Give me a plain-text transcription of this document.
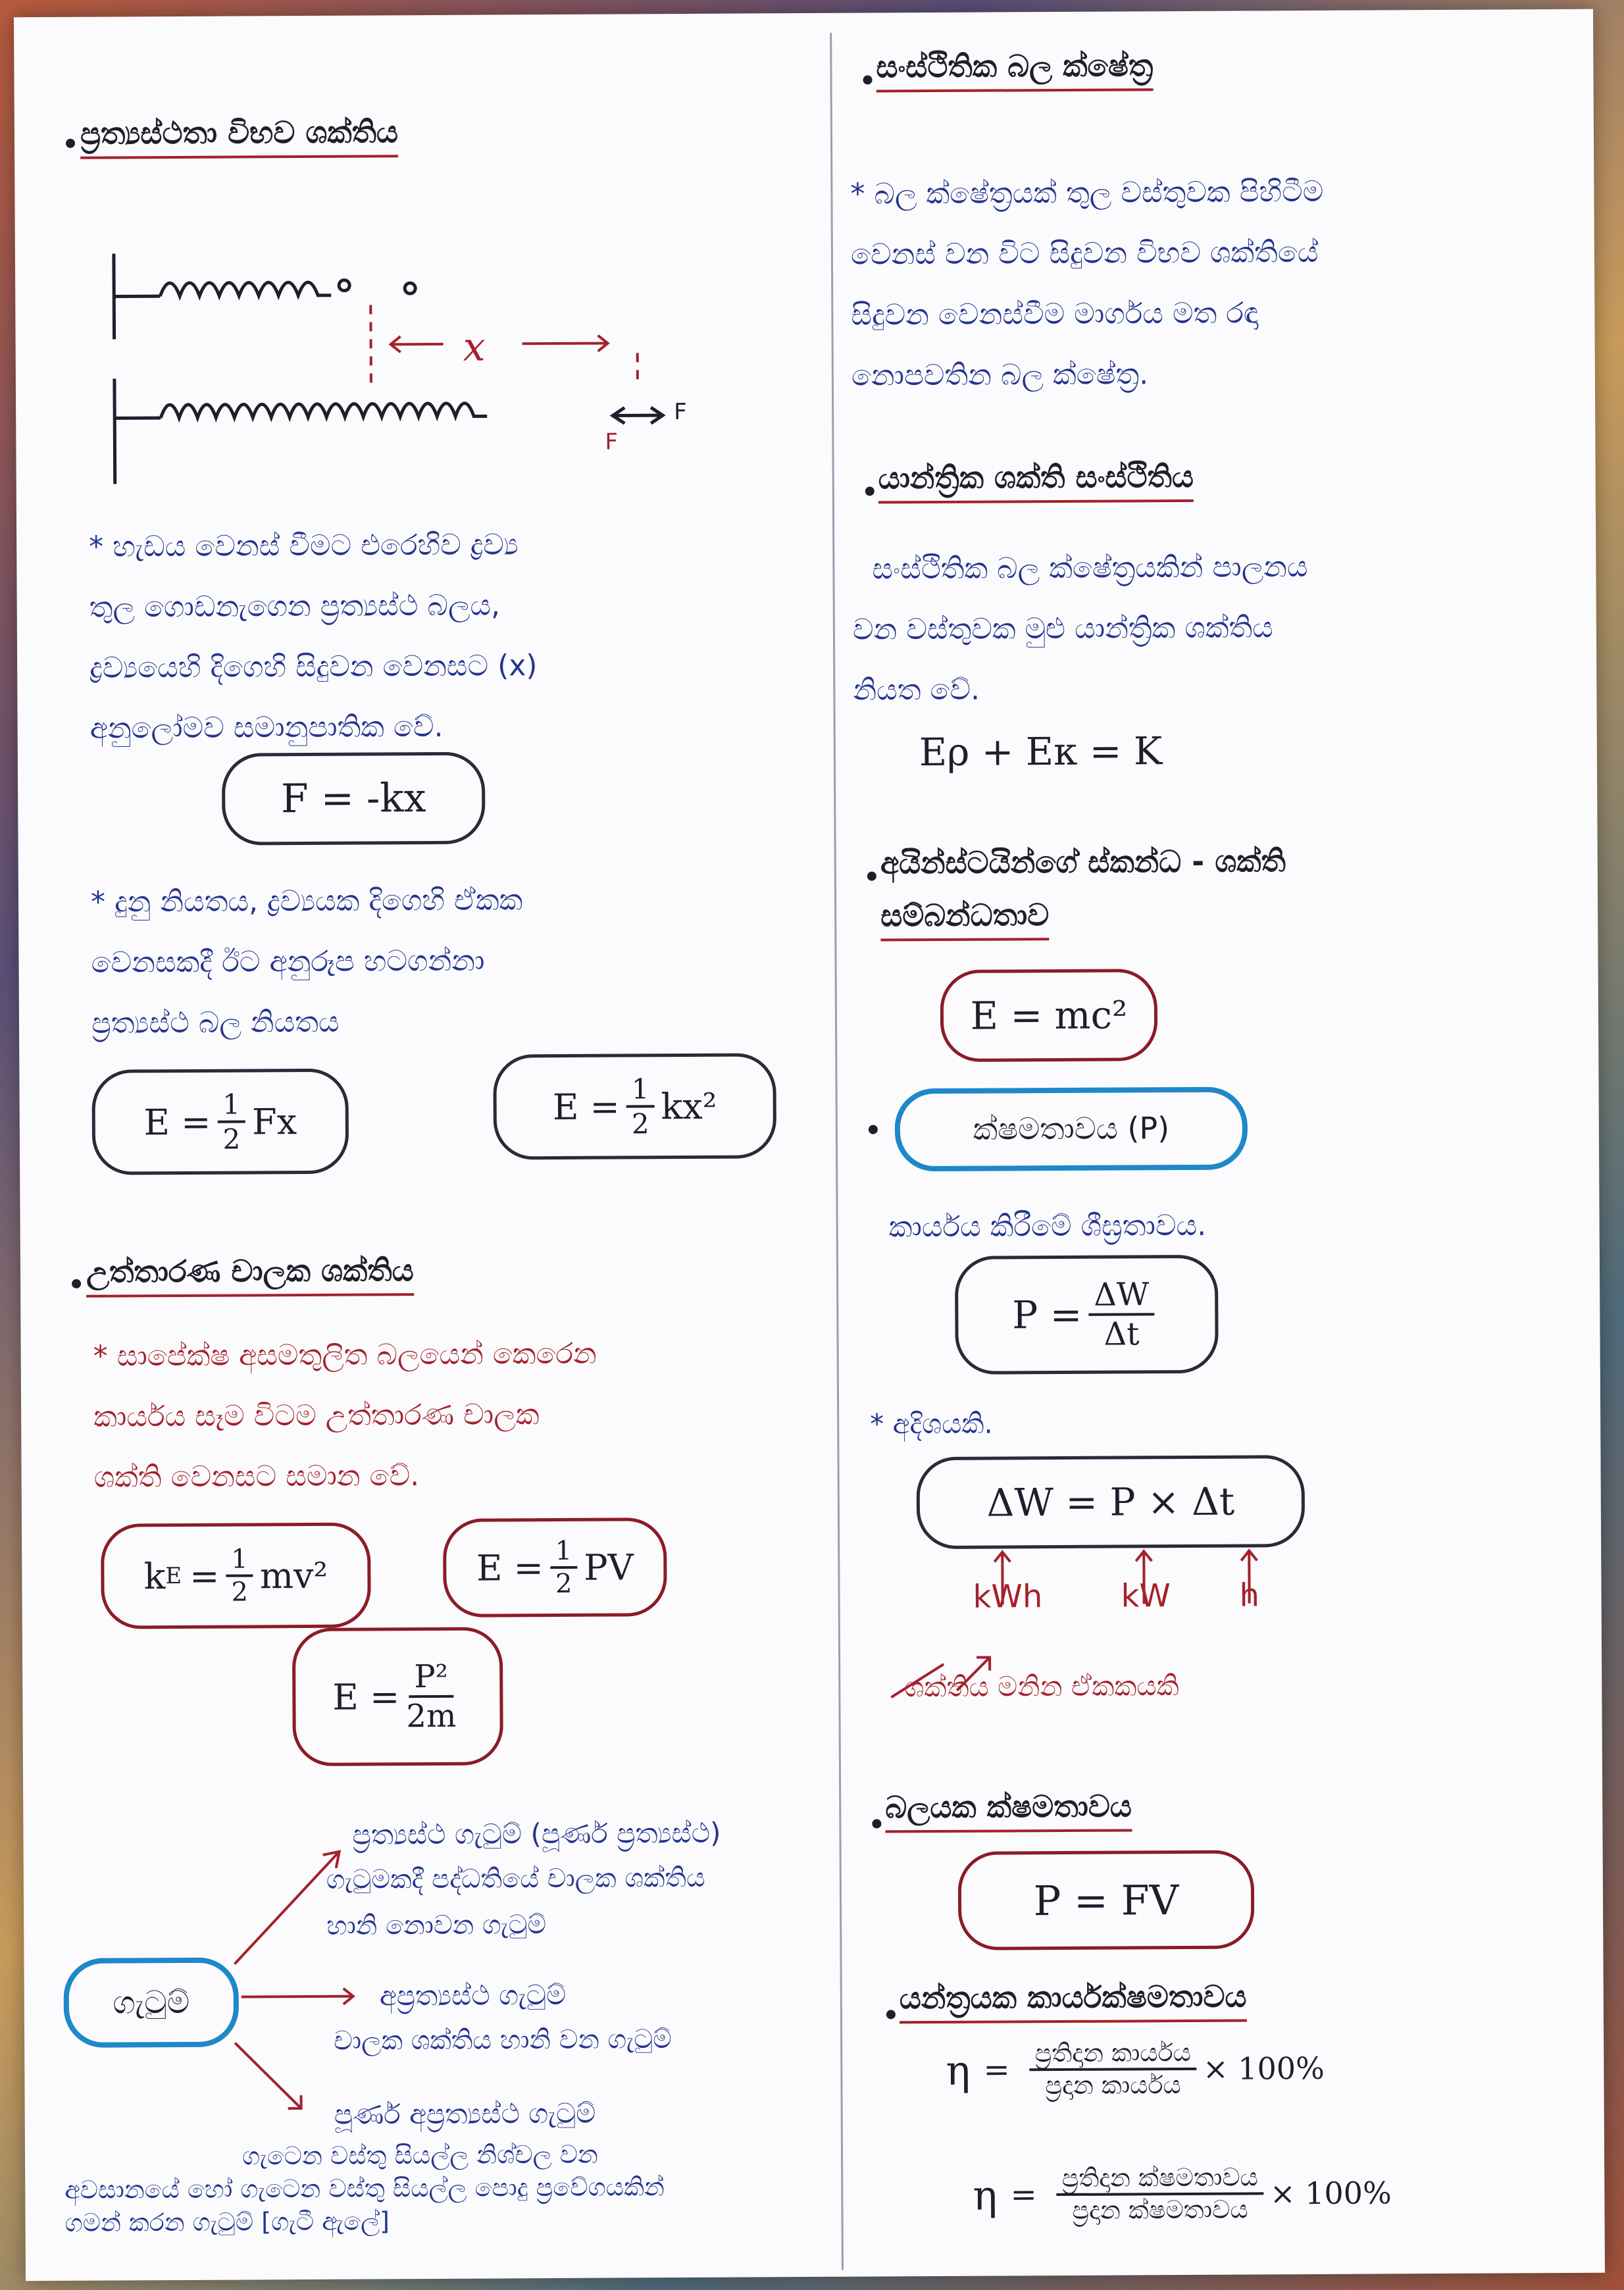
ප්‍රත්‍යස්ථතා විභව ශක්තිය
x
F
F
* හැඩය වෙනස් වීමට එරෙහිව ද්‍රව්‍ය
තුල ගොඩනැගෙන ප්‍රත්‍යස්ථ බලය,
ද්‍රව්‍යයෙහි දිගෙහි සිදුවන වෙනසට (x)
අනුලෝමව සමානුපාතික වේ.
F = -kx
* දුනු නියතය, ද්‍රව්‍යයක දිගෙහි ඒකක
වෙනසකදී ඊට අනුරූප හටගන්නා
ප්‍රත්‍යස්ථ බල නියතය
$E = \frac{1}{2}$ Fx	$E = \frac{1}{2} kx^2$
උත්තාරණ චාලක ශක්තිය
* සාපේක්ෂ අසමතුලිත බලයෙන් කෙරෙන
කාර්යය සෑම විටම උත්තාරණ චාලක
ශක්ති වෙනසට සමාන වේ.
k $E = \frac{1}{2} mv^2$	$E = \frac{1}{2}$ PV
$E = \frac{\text{P²}}{2m}$
ගැටුම්
ප්‍රත්‍යස්ථ ගැටුම් (පූර්ණ ප්‍රත්‍යස්ථ)
ගැටුමකදී පද්ධතියේ චාලක ශක්තිය
හානි නොවන ගැටුම්
අප්‍රත්‍යස්ථ ගැටුම්
චාලක ශක්තිය හානි වන ගැටුම්
පූර්ණ අප්‍රත්‍යස්ථ ගැටුම්
ගැටෙන වස්තු සියල්ල නිශ්චල වන
අවසානයේ හෝ ගැටෙන වස්තු සියල්ල පොදු ප්‍රවේගයකින්
ගමන් කරන ගැටුම් [ගැටී ඇලේ]
සංස්ථිතික බල ක්ෂේත්‍ර
* බල ක්ෂේත්‍රයක් තුල වස්තුවක පිහිටීම
වෙනස් වන විට සිදුවන විභව ශක්තියේ
සිදුවන වෙනස්වීම මාර්ගය මත රඳා
නොපවතින බල ක්ෂේත්‍ර.
යාන්ත්‍රික ශක්ති සංස්ථිතිය
සංස්ථිතික බල ක්ෂේත්‍රයකින් පාලනය
වන වස්තුවක මුළු යාන්ත්‍රික ශක්තිය
නියත වේ.
Eρ + Eκ = K
අයින්ස්ටයින්ගේ ස්කන්ධ - ශක්ති
සම්බන්ධතාව
E = mc²
ක්ෂමතාවය (P)
කාර්යය කිරීමේ ශීඝ්‍රතාවය.
$P = \frac{\Delta W}{\Delta t}$
* අදිශයකි.
ΔW = P × Δt
kWh kW h
ශක්තිය මනින ඒකකයකි
බලයක ක්ෂමතාවය
P = FV
යන්ත්‍රයක කාර්යක්ෂමතාවය
$\eta = \frac{\text{ප්‍රතිදාන කාර්යය}}{\text{ප්‍රදාන කාර්යය}} \times 100\%$
$\eta = \frac{\text{ප්‍රතිදාන ක්ෂමතාවය}}{\text{ප්‍රදාන ක්ෂමතාවය}} \times 100\%$
